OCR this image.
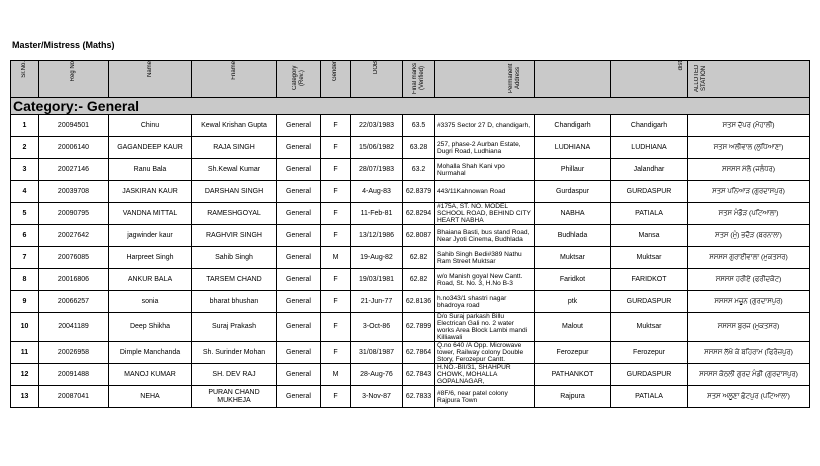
Master/Mistress (Maths)
Sr.No.	Reg No	Name	Fname	Category (Rev.)	Gender	DOB	Final marks (Verified)	Permanent Address		dist	ALLOTED STATION

Category:- General											
1	20094501	Chinu	Kewal Krishan Gupta	General	F	22/03/1983	63.5	#3375 Sector 27 D, chandigarh,	Chandigarh	Chandigarh	ਸਤਸ ਦੱਪਰ (ਮੋਹਾਲੀ)
2	20006140	GAGANDEEP KAUR	RAJA SINGH	General	F	15/06/1982	63.28	257, phase-2 Aurban Estate, Dugri Road, Ludhiana	LUDHIANA	LUDHIANA	ਸਤਸ ਅਲੀਵਾਲ (ਲੁਧਿਆਣਾ)
3	20027146	Ranu Bala	Sh.Kewal Kumar	General	F	28/07/1983	63.2	Mohalla Shah Kani vpo Nurmahal	Phillaur	Jalandhar	ਸਸਸਸ ਮੱਲੋ (ਜਲੰਧਰ)
4	20039708	JASKIRAN KAUR	DARSHAN SINGH	General	F	4-Aug-83	62.8379	443/11Kahnowan Road	Gurdaspur	GURDASPUR	ਸਤਸ ਪਨਿਆੜ (ਗੁਰਦਾਸਪੁਰ)
5	20090795	VANDNA MITTAL	RAMESHGOYAL	General	F	11-Feb-81	62.8294	#175A, ST. NO. MODEL SCHOOL ROAD, BEHIND CITY HEART NABHA	NABHA	PATIALA	ਸਤਸ ਮੰਡੌੜ (ਪਟਿਆਲਾ)
6	20027642	jagwinder kaur	RAGHVIR SINGH	General	F	13/12/1986	62.8087	Bhaiana Basti, bus stand Road, Near Jyoti Cinema, Budhlada	Budhlada	Mansa	ਸਤਸ (ਮੁੰ) ਭਦੌੜ (ਬਰਨਾਲਾ)
7	20076085	Harpreet Singh	Sahib Singh	General	M	19-Aug-82	62.82	Sahib Singh Bedi#389 Nathu Ram Street Muktsar	Muktsar	Muktsar	ਸਸਸਸ ਗੁਰਾਈਵਾਲਾ (ਮੁਕਤਸਰ)
8	20016806	ANKUR BALA	TARSEM CHAND	General	F	19/03/1981	62.82	w/o Manish goyal New Cantt. Road, St. No. 3, H.No B-3	Faridkot	FARIDKOT	ਸਸਸਸ ਹਰੀਏ (ਫਰੀਦਕੋਟ)
9	20066257	sonia	bharat bhushan	General	F	21-Jun-77	62.8136	h.no343/1 shastri nagar bhadroya road	ptk	GURDASPUR	ਸਸਸਸ ਮਚੂਨ (ਗੁਰਦਾਸਪੁਰ)
10	20041189	Deep Shikha	Suraj Prakash	General	F	3-Oct-86	62.7899	D/o Suraj parkash Billu Electrican Gali no. 2 water works Area Block Lambi mandi Killiawali	Malout	Muktsar	ਸਸਸਸ ਬੁਰਜ (ਮੁਕਤਸਰ)
11	20026958	Dimple Manchanda	Sh. Surinder Mohan	General	F	31/08/1987	62.7864	Q.no 640 /A Opp. Microwave tower, Railway colony Double Story, Ferozepur Cantt.	Ferozepur	Ferozepur	ਸਸਸਸ ਲੱਖੋ ਕੇ ਬਹਿਰਾਮ (ਫਿਰੋਜ਼ਪੁਰ)
12	20091488	MANOJ KUMAR	SH. DEV RAJ	General	M	28-Aug-76	62.7843	H.NO.-BII/31, SHAHPUR CHOWK, MOHALLA GOPALNAGAR,	PATHANKOT	GURDASPUR	ਸਸਸਸ ਕੋਠਲੀ ਗੁਰਦ ਮੰਡੀ (ਗੁਰਦਾਸਪੁਰ)
13	20087041	NEHA	PURAN CHAND MUKHEJA	General	F	3-Nov-87	62.7833	#8F/6, near patel colony Rajpura Town	Rajpura	PATIALA	ਸਤਸ ਅਲੂਣਾ ਛੋਟਪੁਰ (ਪਟਿਆਲਾ)
